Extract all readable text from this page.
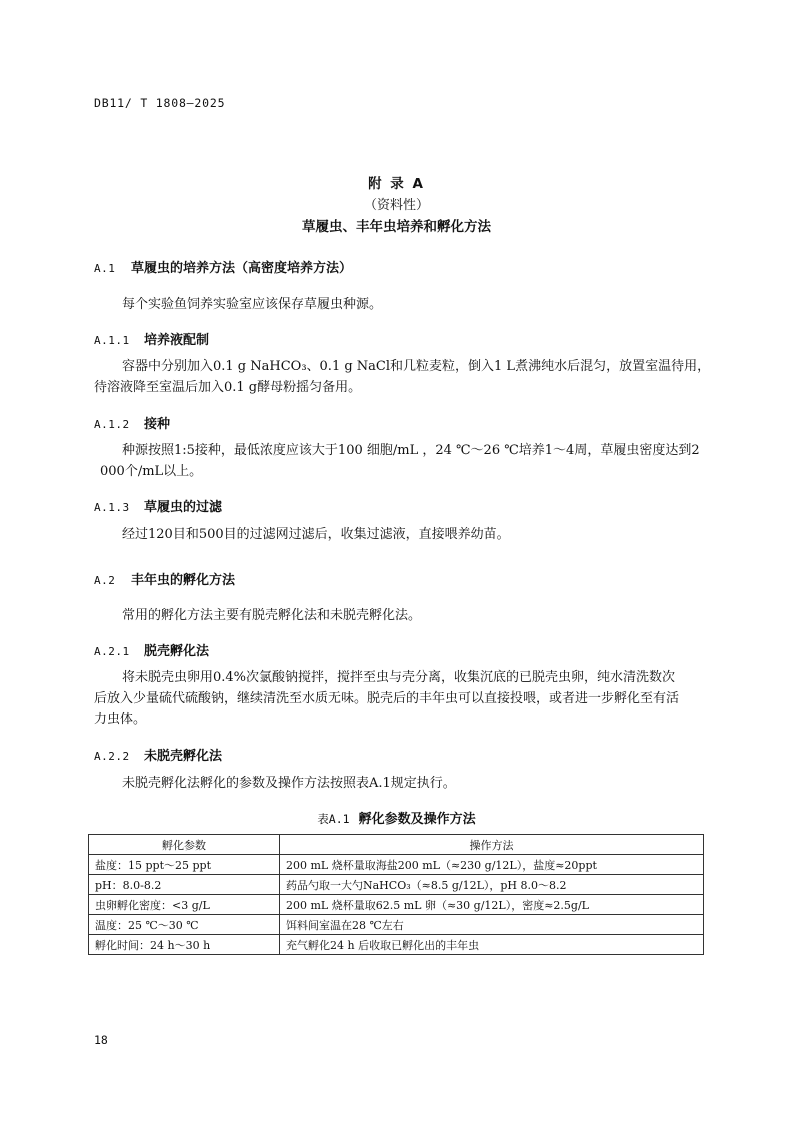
DB11/ T 1808—2025
附 录 A
（资料性）
草履虫、丰年虫培养和孵化方法
A.1 草履虫的培养方法（高密度培养方法）
每个实验鱼饲养实验室应该保存草履虫种源。
A.1.1 培养液配制
容器中分别加入0.1 g NaHCO₃、0.1 g NaCl和几粒麦粒，倒入1 L煮沸纯水后混匀，放置室温待用，
待溶液降至室温后加入0.1 g酵母粉摇匀备用。
A.1.2 接种
种源按照1:5接种，最低浓度应该大于100 细胞/mL ，24 ℃～26 ℃培养1～4周，草履虫密度达到2
000个/mL以上。
A.1.3 草履虫的过滤
经过120目和500目的过滤网过滤后，收集过滤液，直接喂养幼苗。
A.2 丰年虫的孵化方法
常用的孵化方法主要有脱壳孵化法和未脱壳孵化法。
A.2.1 脱壳孵化法
将未脱壳虫卵用0.4%次氯酸钠搅拌，搅拌至虫与壳分离，收集沉底的已脱壳虫卵，纯水清洗数次
后放入少量硫代硫酸钠，继续清洗至水质无味。脱壳后的丰年虫可以直接投喂，或者进一步孵化至有活
力虫体。
A.2.2 未脱壳孵化法
未脱壳孵化法孵化的参数及操作方法按照表A.1规定执行。
表A.1 孵化参数及操作方法
孵化参数	操作方法
盐度：15 ppt～25 ppt	200 mL 烧杯量取海盐200 mL（≈230 g/12L），盐度≈20ppt
pH：8.0-8.2	药品勺取一大勺NaHCO₃（≈8.5 g/12L），pH 8.0～8.2
虫卵孵化密度：<3 g/L	200 mL 烧杯量取62.5 mL 卵（≈30 g/12L），密度≈2.5g/L
温度：25 ℃～30 ℃	饵料间室温在28 ℃左右
孵化时间：24 h～30 h	充气孵化24 h 后收取已孵化出的丰年虫
18
